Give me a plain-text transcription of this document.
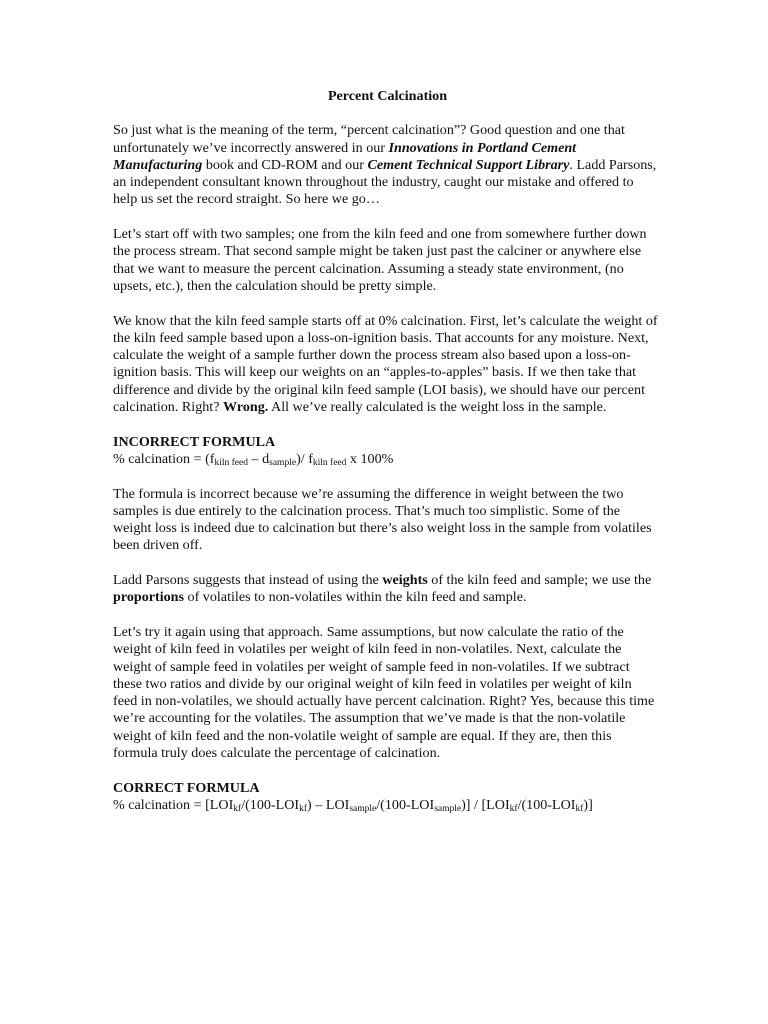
Percent Calcination

So just what is the meaning of the term, “percent calcination”? Good question and one that unfortunately we’ve incorrectly answered in our Innovations in Portland Cement Manufacturing book and CD-ROM and our Cement Technical Support Library. Ladd Parsons, an independent consultant known throughout the industry, caught our mistake and offered to help us set the record straight. So here we go…

Let’s start off with two samples; one from the kiln feed and one from somewhere further down the process stream. That second sample might be taken just past the calciner or anywhere else that we want to measure the percent calcination. Assuming a steady state environment, (no upsets, etc.), then the calculation should be pretty simple.

We know that the kiln feed sample starts off at 0% calcination. First, let’s calculate the weight of the kiln feed sample based upon a loss-on-ignition basis. That accounts for any moisture. Next, calculate the weight of a sample further down the process stream also based upon a loss-on-ignition basis. This will keep our weights on an “apples-to-apples” basis. If we then take that difference and divide by the original kiln feed sample (LOI basis), we should have our percent calcination. Right? Wrong. All we’ve really calculated is the weight loss in the sample.

INCORRECT FORMULA
% calcination = $(f_{kiln feed} - d_{sample})/$ $f_{kiln feed}$ x 100%

The formula is incorrect because we’re assuming the difference in weight between the two samples is due entirely to the calcination process. That’s much too simplistic. Some of the weight loss is indeed due to calcination but there’s also weight loss in the sample from volatiles been driven off.

Ladd Parsons suggests that instead of using the weights of the kiln feed and sample; we use the proportions of volatiles to non-volatiles within the kiln feed and sample.

Let’s try it again using that approach. Same assumptions, but now calculate the ratio of the weight of kiln feed in volatiles per weight of kiln feed in non-volatiles. Next, calculate the weight of sample feed in volatiles per weight of sample feed in non-volatiles. If we subtract these two ratios and divide by our original weight of kiln feed in volatiles per weight of kiln feed in non-volatiles, we should actually have percent calcination. Right? Yes, because this time we’re accounting for the volatiles. The assumption that we’ve made is that the non-volatile weight of kiln feed and the non-volatile weight of sample are equal. If they are, then this formula truly does calculate the percentage of calcination.

CORRECT FORMULA
% calcination = $[LOI_{kf}/(100-LOI_{kf}) - LOI_{sample}/(100-LOI_{sample})] / [LOI_{kf}/(100-LOI_{kf})]$
